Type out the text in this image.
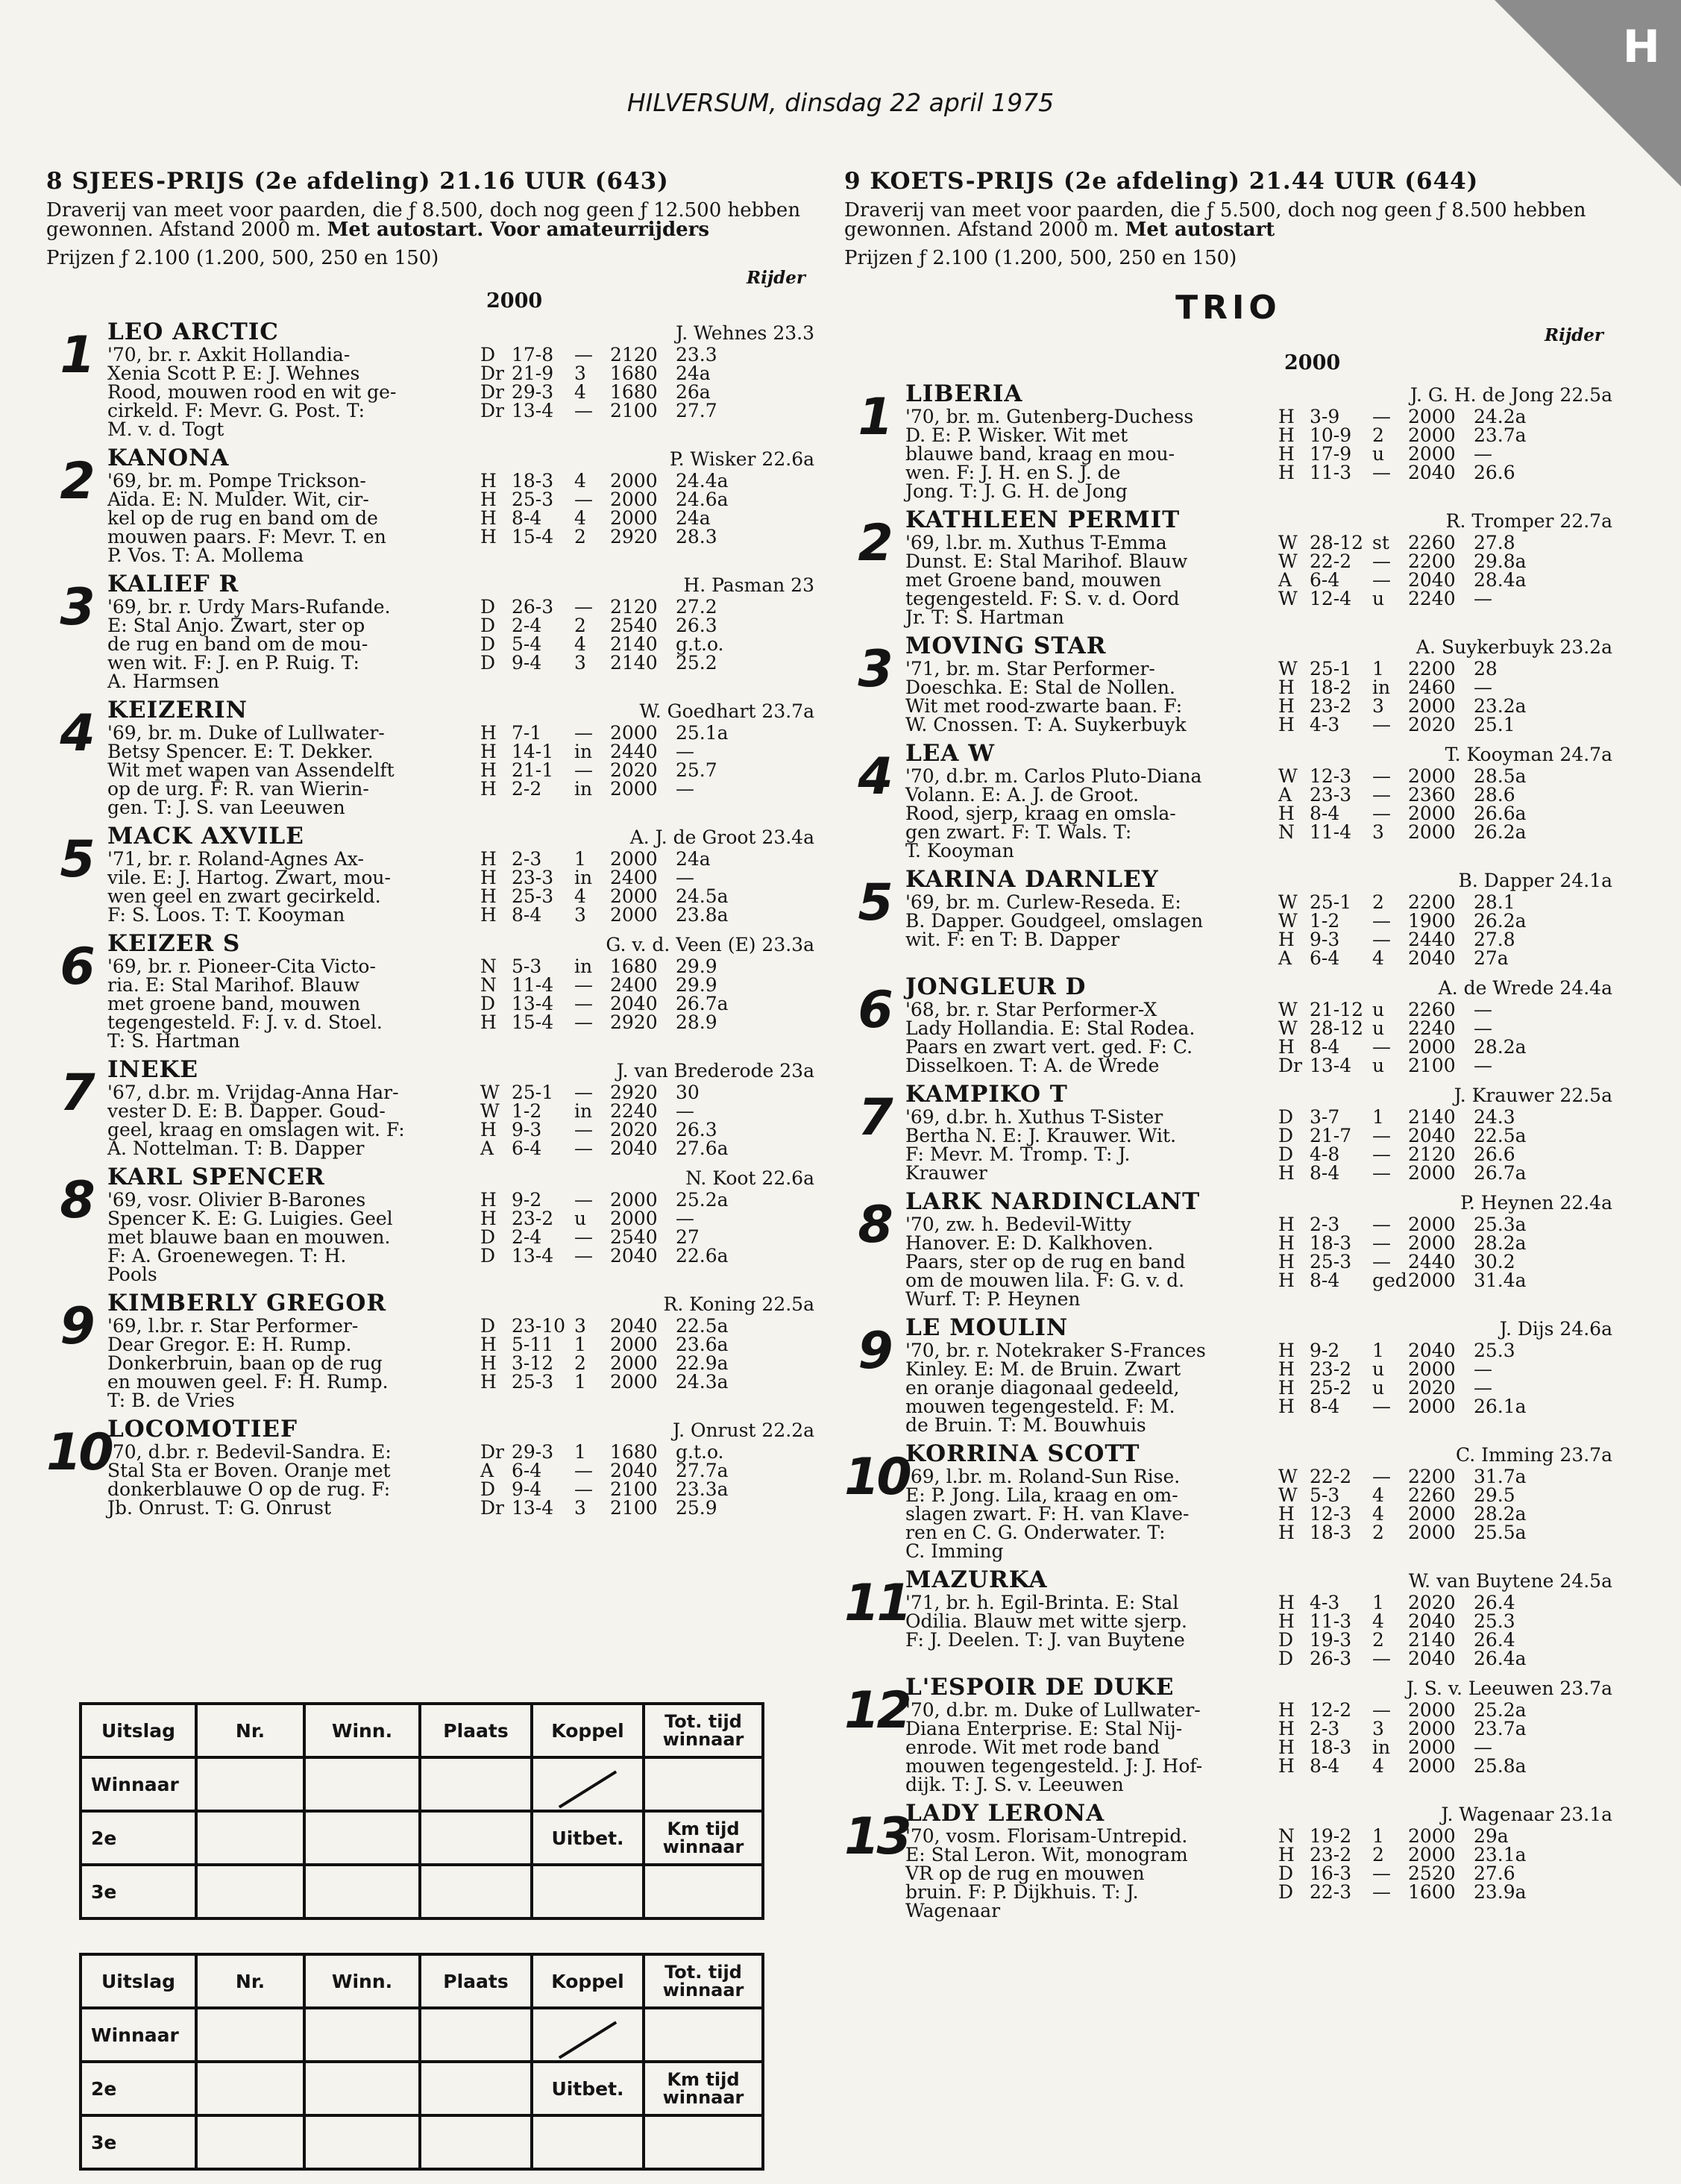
H
HILVERSUM, dinsdag 22 april 1975
8 SJEES-PRIJS (2e afdeling) 21.16 UUR (643)
Draverij van meet voor paarden, die ƒ 8.500, doch nog geen ƒ 12.500 hebben gewonnen. Afstand 2000 m. Met autostart. Voor amateurrijders
Prijzen ƒ 2.100 (1.200, 500, 250 en 150)
Rijder
2000
1 LEO ARCTIC	J. Wehnes 23.3
'70, br. r. Axkit Hollandia-
Xenia Scott P. E: J. Wehnes
Rood, mouwen rood en wit ge-
cirkeld. F: Mevr. G. Post. T:
M. v. d. Togt
D 17-8	— 2120 23.3
Dr 21-9	3	1680 24a
Dr 29-3	4	1680 26a
Dr 13-4	— 2100 27.7
2 KANONA	P. Wisker 22.6a
'69, br. m. Pompe Trickson-
Aïda. E: N. Mulder. Wit, cir-
kel op de rug en band om de
mouwen paars. F: Mevr. T. en
P. Vos. T: A. Mollema
H 18-3	4	2000 24.4a
H 25-3	— 2000 24.6a
H 8-4	4	2000 24a
H 15-4	2	2920 28.3
3 KALIEF R	H. Pasman 23
'69, br. r. Urdy Mars-Rufande.
E: Stal Anjo. Zwart, ster op
de rug en band om de mou-
wen wit. F: J. en P. Ruig. T:
A. Harmsen
D 26-3	— 2120 27.2
D 2-4	2	2540 26.3
D 5-4	4	2140 g.t.o.
D 9-4	3	2140 25.2
4 KEIZERIN	W. Goedhart 23.7a
'69, br. m. Duke of Lullwater-
Betsy Spencer. E: T. Dekker.
Wit met wapen van Assendelft
op de urg. F: R. van Wierin-
gen. T: J. S. van Leeuwen
H 7-1	— 2000 25.1a
H 14-1	in 2440 —
H 21-1	— 2020 25.7
H 2-2	in 2000 —
5 MACK AXVILE	A. J. de Groot 23.4a
'71, br. r. Roland-Agnes Ax-
vile. E: J. Hartog. Zwart, mou-
wen geel en zwart gecirkeld.
F: S. Loos. T: T. Kooyman
H 2-3	1	2000 24a
H 23-3	in 2400 —
H 25-3	4	2000 24.5a
H 8-4	3	2000 23.8a
6 KEIZER S	G. v. d. Veen (E) 23.3a
'69, br. r. Pioneer-Cita Victo-
ria. E: Stal Marihof. Blauw
met groene band, mouwen
tegengesteld. F: J. v. d. Stoel.
T: S. Hartman
N 5-3	in 1680 29.9
N 11-4	— 2400 29.9
D 13-4	— 2040 26.7a
H 15-4	— 2920 28.9
7 INEKE	J. van Brederode 23a
'67, d.br. m. Vrijdag-Anna Har-
vester D. E: B. Dapper. Goud-
geel, kraag en omslagen wit. F:
A. Nottelman. T: B. Dapper
W 25-1	— 2920 30
W 1-2	in 2240 —
H 9-3	— 2020 26.3
A 6-4	— 2040 27.6a
8 KARL SPENCER	N. Koot 22.6a
'69, vosr. Olivier B-Barones
Spencer K. E: G. Luigies. Geel
met blauwe baan en mouwen.
F: A. Groenewegen. T: H.
Pools
H 9-2	— 2000 25.2a
H 23-2	u	2000 —
D 2-4	— 2540 27
D 13-4	— 2040 22.6a
9 KIMBERLY GREGOR	R. Koning 22.5a
'69, l.br. r. Star Performer-
Dear Gregor. E: H. Rump.
Donkerbruin, baan op de rug
en mouwen geel. F: H. Rump.
T: B. de Vries
D 23-10 3	2040 22.5a
H 5-11	1	2000 23.6a
H 3-12	2	2000 22.9a
H 25-3	1	2000 24.3a
10
LOCOMOTIEF	J. Onrust 22.2a
'70, d.br. r. Bedevil-Sandra. E:
Stal Sta er Boven. Oranje met
donkerblauwe O op de rug. F:
Jb. Onrust. T: G. Onrust
Dr 29-3	1	1680 g.t.o.
A 6-4	— 2040 27.7a
D 9-4	— 2100 23.3a
Dr 13-4	3	2100 25.9
9 KOETS-PRIJS (2e afdeling) 21.44 UUR (644)
Draverij van meet voor paarden, die ƒ 5.500, doch nog geen ƒ 8.500 hebben gewonnen. Afstand 2000 m. Met autostart
Prijzen ƒ 2.100 (1.200, 500, 250 en 150)
TRIO
Rijder
2000
1 LIBERIA	J. G. H. de Jong 22.5a
'70, br. m. Gutenberg-Duchess
D. E: P. Wisker. Wit met
blauwe band, kraag en mou-
wen. F: J. H. en S. J. de
Jong. T: J. G. H. de Jong
H 3-9	— 2000 24.2a
H 10-9	2	2000 23.7a
H 17-9	u	2000 —
H 11-3	— 2040 26.6
2 KATHLEEN PERMIT	R. Tromper 22.7a
'69, l.br. m. Xuthus T-Emma
Dunst. E: Stal Marihof. Blauw
met Groene band, mouwen
tegengesteld. F: S. v. d. Oord
Jr. T: S. Hartman
W 28-12 st	2260 27.8
W 22-2	— 2200 29.8a
A 6-4	— 2040 28.4a
W 12-4	u	2240 —
3 MOVING STAR	A. Suykerbuyk 23.2a
'71, br. m. Star Performer-
Doeschka. E: Stal de Nollen.
Wit met rood-zwarte baan. F:
W. Cnossen. T: A. Suykerbuyk
W 25-1	1	2200 28
H 18-2	in 2460 —
H 23-2	3	2000 23.2a
H 4-3	— 2020 25.1
4 LEA W	T. Kooyman 24.7a
'70, d.br. m. Carlos Pluto-Diana
Volann. E: A. J. de Groot.
Rood, sjerp, kraag en omsla-
gen zwart. F: T. Wals. T:
T. Kooyman
W 12-3	— 2000 28.5a
A 23-3	— 2360 28.6
H 8-4	— 2000 26.6a
N 11-4	3	2000 26.2a
5 KARINA DARNLEY	B. Dapper 24.1a
'69, br. m. Curlew-Reseda. E:
B. Dapper. Goudgeel, omslagen
wit. F: en T: B. Dapper
W 25-1	2	2200 28.1
W 1-2	— 1900 26.2a
H 9-3	— 2440 27.8
A 6-4	4	2040 27a
6 JONGLEUR D	A. de Wrede 24.4a
'68, br. r. Star Performer-X
Lady Hollandia. E: Stal Rodea.
Paars en zwart vert. ged. F: C.
Disselkoen. T: A. de Wrede
W 21-12 u	2260 —
W 28-12 u	2240 —
H 8-4	— 2000 28.2a
Dr 13-4	u	2100 —
7 KAMPIKO T	J. Krauwer 22.5a
'69, d.br. h. Xuthus T-Sister
Bertha N. E: J. Krauwer. Wit.
F: Mevr. M. Tromp. T: J.
Krauwer
D 3-7	1	2140 24.3
D 21-7	— 2040 22.5a
D 4-8	— 2120 26.6
H 8-4	— 2000 26.7a
8 LARK NARDINCLANT	P. Heynen 22.4a
'70, zw. h. Bedevil-Witty
Hanover. E: D. Kalkhoven.
Paars, ster op de rug en band
om de mouwen lila. F: G. v. d.
Wurf. T: P. Heynen
H 2-3	— 2000 25.3a
H 18-3	— 2000 28.2a
H 25-3	— 2440 30.2
H 8-4	ged 2000 31.4a
9 LE MOULIN	J. Dijs 24.6a
'70, br. r. Notekraker S-Frances
Kinley. E: M. de Bruin. Zwart
en oranje diagonaal gedeeld,
mouwen tegengesteld. F: M.
de Bruin. T: M. Bouwhuis
H 9-2	1	2040 25.3
H 23-2	u	2000 —
H 25-2	u	2020 —
H 8-4	— 2000 26.1a
10
KORRINA SCOTT	C. Imming 23.7a
'69, l.br. m. Roland-Sun Rise.
E: P. Jong. Lila, kraag en om-
slagen zwart. F: H. van Klave-
ren en C. G. Onderwater. T:
C. Imming
W 22-2	— 2200 31.7a
W 5-3	4	2260 29.5
H 12-3	4	2000 28.2a
H 18-3	2	2000 25.5a
11
MAZURKA	W. van Buytene 24.5a
'71, br. h. Egil-Brinta. E: Stal
Odilia. Blauw met witte sjerp.
F: J. Deelen. T: J. van Buytene
H 4-3	1	2020 26.4
H 11-3	4	2040 25.3
D 19-3	2	2140 26.4
D 26-3	— 2040 26.4a
12
L'ESPOIR DE DUKE	J. S. v. Leeuwen 23.7a
'70, d.br. m. Duke of Lullwater-
Diana Enterprise. E: Stal Nij-
enrode. Wit met rode band
mouwen tegengesteld. J: J. Hof-
dijk. T: J. S. v. Leeuwen
H 12-2	— 2000 25.2a
H 2-3	3	2000 23.7a
H 18-3	in 2000 —
H 8-4	4	2000 25.8a
13
LADY LERONA	J. Wagenaar 23.1a
'70, vosm. Florisam-Untrepid.
E: Stal Leron. Wit, monogram
VR op de rug en mouwen
bruin. F: P. Dijkhuis. T: J.
Wagenaar
N 19-2	1	2000 29a
H 23-2	2	2000 23.1a
D 16-3	— 2520 27.6
D 22-3	— 1600 23.9a
Uitslag	Nr.	Winn.	Plaats	Koppel	Tot. tijd winnaar
Winnaar					
2e				Uitbet.	Km tijd winnaar
3e					
Uitslag	Nr.	Winn.	Plaats	Koppel	Tot. tijd winnaar
Winnaar					
2e				Uitbet.	Km tijd winnaar
3e					
